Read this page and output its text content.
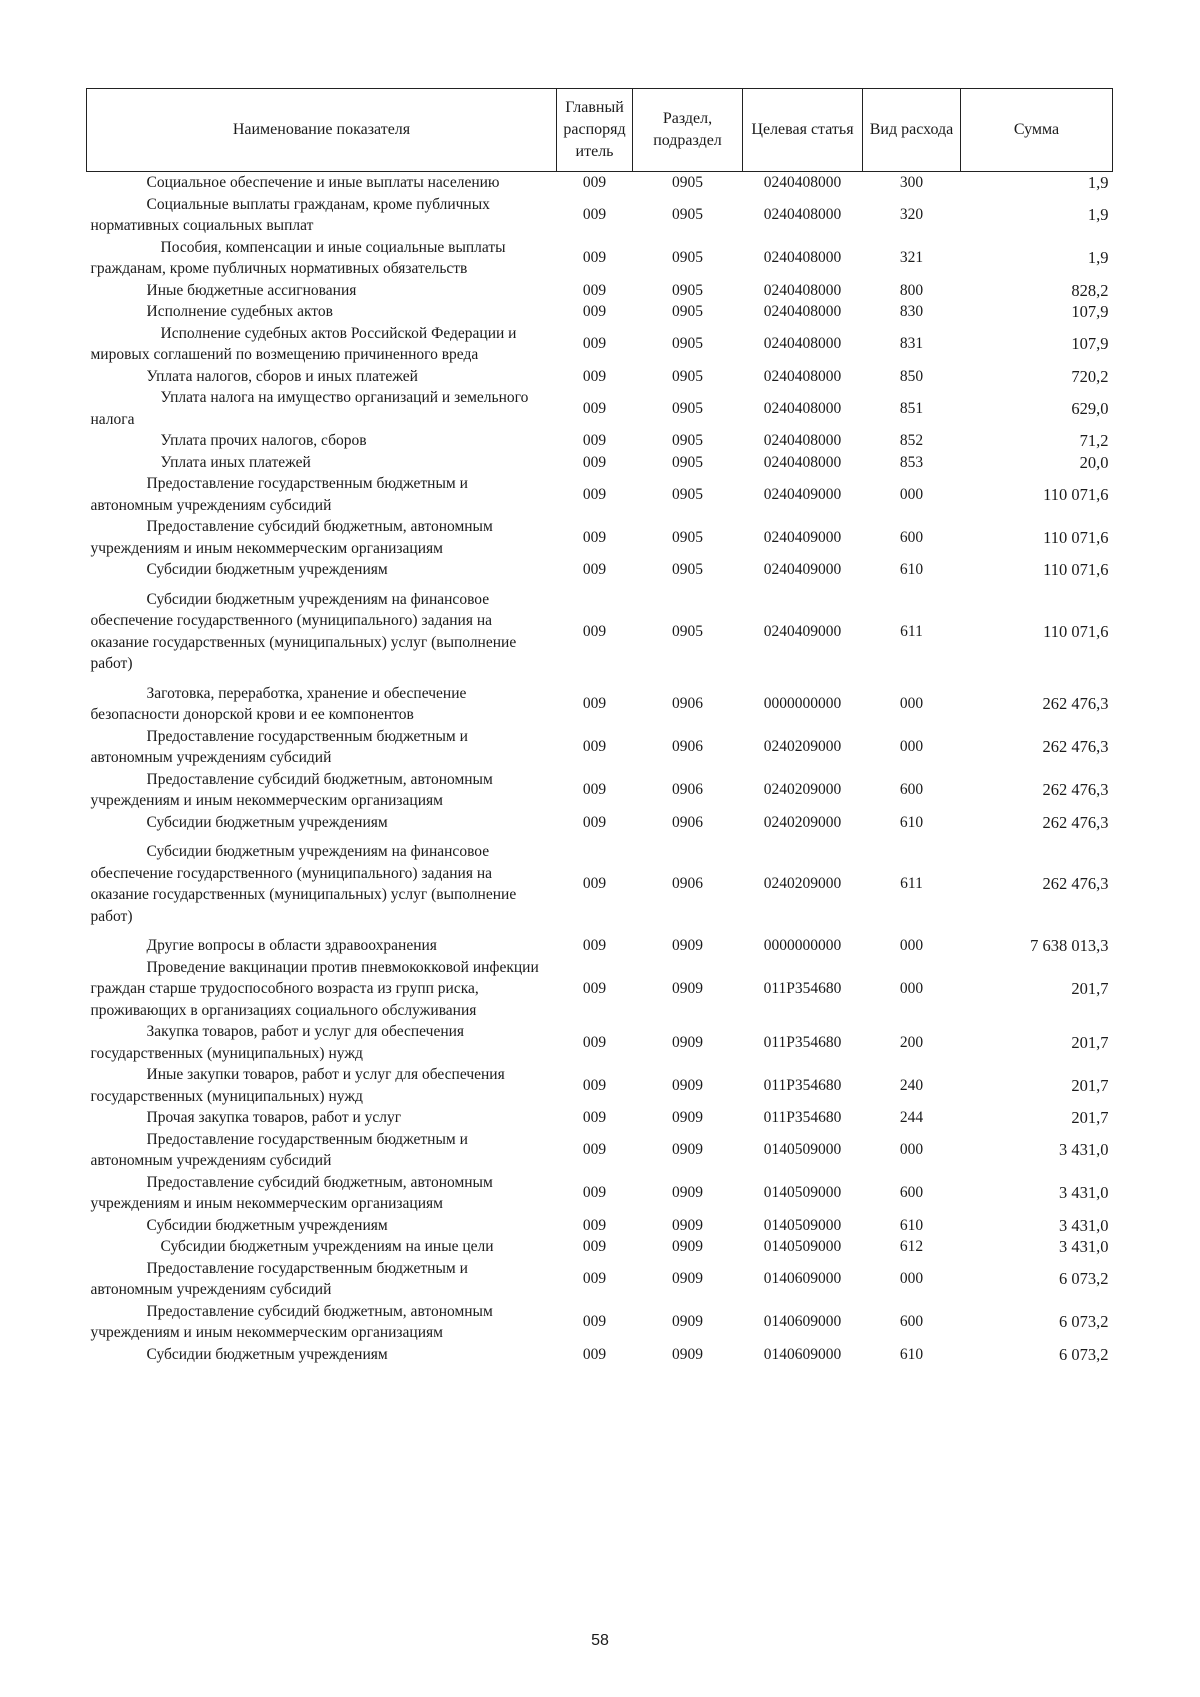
Наименование показателя	Главный распоряд итель	Раздел, подраздел	Целевая статья	Вид расхода	Сумма
Социальное обеспечение и иные выплаты населению	009	0905	0240408000	300	1,9
Социальные выплаты гражданам, кроме публичных нормативных социальных выплат	009	0905	0240408000	320	1,9
Пособия, компенсации и иные социальные выплаты гражданам, кроме публичных нормативных обязательств	009	0905	0240408000	321	1,9
Иные бюджетные ассигнования	009	0905	0240408000	800	828,2
Исполнение судебных актов	009	0905	0240408000	830	107,9
Исполнение судебных актов Российской Федерации и мировых соглашений по возмещению причиненного вреда	009	0905	0240408000	831	107,9
Уплата налогов, сборов и иных платежей	009	0905	0240408000	850	720,2
Уплата налога на имущество организаций и земельного налога	009	0905	0240408000	851	629,0
Уплата прочих налогов, сборов	009	0905	0240408000	852	71,2
Уплата иных платежей	009	0905	0240408000	853	20,0
Предоставление государственным бюджетным и автономным учреждениям субсидий	009	0905	0240409000	000	110 071,6
Предоставление субсидий бюджетным, автономным учреждениям и иным некоммерческим организациям	009	0905	0240409000	600	110 071,6
Субсидии бюджетным учреждениям	009	0905	0240409000	610	110 071,6
Субсидии бюджетным учреждениям на финансовое обеспечение государственного (муниципального) задания на оказание государственных (муниципальных) услуг (выполнение работ)	009	0905	0240409000	611	110 071,6
Заготовка, переработка, хранение и обеспечение безопасности донорской крови и ее компонентов	009	0906	0000000000	000	262 476,3
Предоставление государственным бюджетным и автономным учреждениям субсидий	009	0906	0240209000	000	262 476,3
Предоставление субсидий бюджетным, автономным учреждениям и иным некоммерческим организациям	009	0906	0240209000	600	262 476,3
Субсидии бюджетным учреждениям	009	0906	0240209000	610	262 476,3
Субсидии бюджетным учреждениям на финансовое обеспечение государственного (муниципального) задания на оказание государственных (муниципальных) услуг (выполнение работ)	009	0906	0240209000	611	262 476,3
Другие вопросы в области здравоохранения	009	0909	0000000000	000	7 638 013,3
Проведение вакцинации против пневмококковой инфекции граждан старше трудоспособного возраста из групп риска, проживающих в организациях социального обслуживания	009	0909	011P354680	000	201,7
Закупка товаров, работ и услуг для обеспечения государственных (муниципальных) нужд	009	0909	011P354680	200	201,7
Иные закупки товаров, работ и услуг для обеспечения государственных (муниципальных) нужд	009	0909	011P354680	240	201,7
Прочая закупка товаров, работ и услуг	009	0909	011P354680	244	201,7
Предоставление государственным бюджетным и автономным учреждениям субсидий	009	0909	0140509000	000	3 431,0
Предоставление субсидий бюджетным, автономным учреждениям и иным некоммерческим организациям	009	0909	0140509000	600	3 431,0
Субсидии бюджетным учреждениям	009	0909	0140509000	610	3 431,0
Субсидии бюджетным учреждениям на иные цели	009	0909	0140509000	612	3 431,0
Предоставление государственным бюджетным и автономным учреждениям субсидий	009	0909	0140609000	000	6 073,2
Предоставление субсидий бюджетным, автономным учреждениям и иным некоммерческим организациям	009	0909	0140609000	600	6 073,2
Субсидии бюджетным учреждениям	009	0909	0140609000	610	6 073,2
58
